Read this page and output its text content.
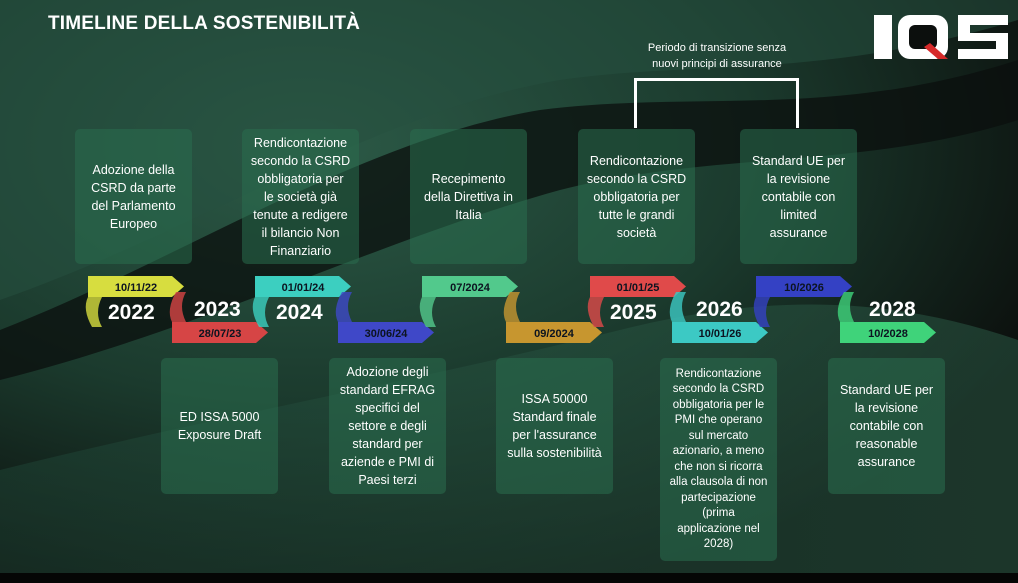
TIMELINE DELLA SOSTENIBILITÀ
Periodo di transizione senza
nuovi principi di assurance
Adozione della
CSRD da parte
del Parlamento
Europeo
Rendicontazione
secondo la CSRD
obbligatoria per
le società già
tenute a redigere
il bilancio Non
Finanziario
Recepimento
della Direttiva in
Italia
Rendicontazione
secondo la CSRD
obbligatoria per
tutte le grandi
società
Standard UE per
la revisione
contabile con
limited
assurance
ED ISSA 5000
Exposure Draft
Adozione degli
standard EFRAG
specifici del
settore e degli
standard per
aziende e PMI di
Paesi terzi
ISSA 50000
Standard finale
per l'assurance
sulla sostenibilità
Rendicontazione
secondo la CSRD
obbligatoria per le
PMI che operano
sul mercato
azionario, a meno
che non si ricorra
alla clausola di non
partecipazione
(prima
applicazione nel
2028)
Standard UE per
la revisione
contabile con
reasonable
assurance
10/11/22
28/07/23
01/01/24
30/06/24
07/2024
09/2024
01/01/25
10/01/26
10/2026
10/2028
2022 2023 2024	2025 2026	2028
